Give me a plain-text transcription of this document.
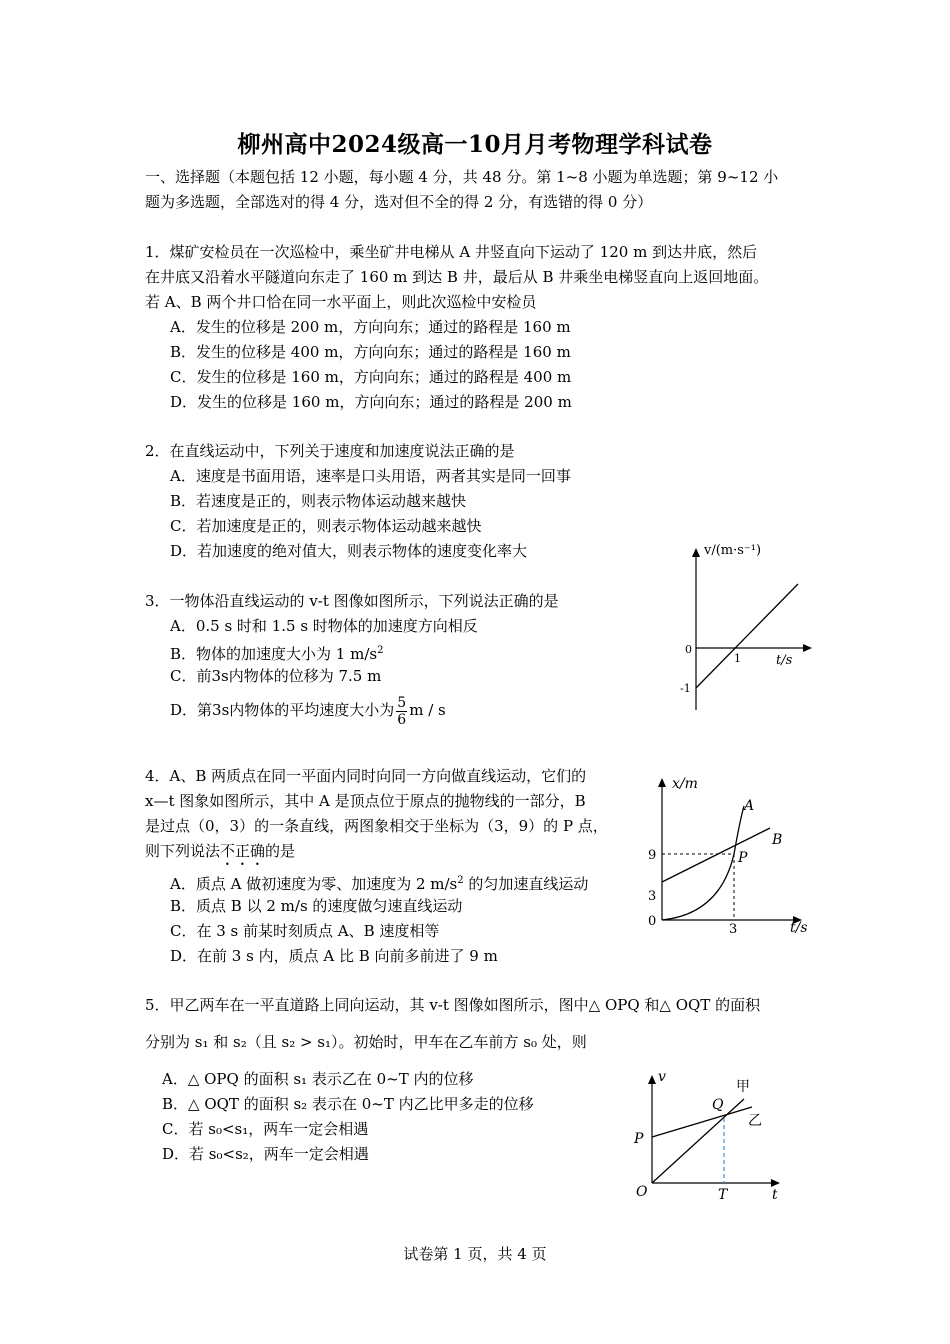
柳州高中2024级高一10月月考物理学科试卷
一、选择题（本题包括 12 小题，每小题 4 分，共 48 分。第 1~8 小题为单选题；第 9~12 小
题为多选题，全部选对的得 4 分，选对但不全的得 2 分，有选错的得 0 分）
1．煤矿安检员在一次巡检中，乘坐矿井电梯从 A 井竖直向下运动了 120 m 到达井底，然后
在井底又沿着水平隧道向东走了 160 m 到达 B 井，最后从 B 井乘坐电梯竖直向上返回地面。
若 A、B 两个井口恰在同一水平面上，则此次巡检中安检员
A．发生的位移是 200 m，方向向东；通过的路程是 160 m
B．发生的位移是 400 m，方向向东；通过的路程是 160 m
C．发生的位移是 160 m，方向向东；通过的路程是 400 m
D．发生的位移是 160 m，方向向东；通过的路程是 200 m
2．在直线运动中，下列关于速度和加速度说法正确的是
A．速度是书面用语，速率是口头用语，两者其实是同一回事
B．若速度是正的，则表示物体运动越来越快
C．若加速度是正的，则表示物体运动越来越快
D．若加速度的绝对值大，则表示物体的速度变化率大
3．一物体沿直线运动的 v-t 图像如图所示，下列说法正确的是
A．0.5 s 时和 1.5 s 时物体的加速度方向相反
B．物体的加速度大小为 1 $m/s^2$
C．前3s内物体的位移为 7.5 m
D．第3s内物体的平均速度大小为 $\frac{5}{6}$ m / s
v/(m·s⁻¹)
t/s
0
1
-1
4．A、B 两质点在同一平面内同时向同一方向做直线运动，它们的
x—t 图象如图所示，其中 A 是顶点位于原点的抛物线的一部分，B
是过点（0，3）的一条直线，两图象相交于坐标为（3，9）的 P 点，
则下列说法不正确的是
A．质点 A 做初速度为零、加速度为 2 $m/s^2$ 的匀加速直线运动
B．质点 B 以 2 m/s 的速度做匀速直线运动
C．在 3 s 前某时刻质点 A、B 速度相等
D．在前 3 s 内，质点 A 比 B 向前多前进了 9 m
x/m
t/s
A
B
P
9
3
0
3
5．甲乙两车在一平直道路上同向运动，其 v-t 图像如图所示，图中△ OPQ 和△ OQT 的面积
分别为 s₁ 和 s₂（且 s₂ > s₁）。初始时，甲车在乙车前方 s₀ 处，则
A．△ OPQ 的面积 s₁ 表示乙在 0~T 内的位移
B．△ OQT 的面积 s₂ 表示在 0~T 内乙比甲多走的位移
C．若 s₀<s₁，两车一定会相遇
D．若 s₀<s₂，两车一定会相遇
v
t
甲
乙
Q
P
O	T
试卷第 1 页，共 4 页
